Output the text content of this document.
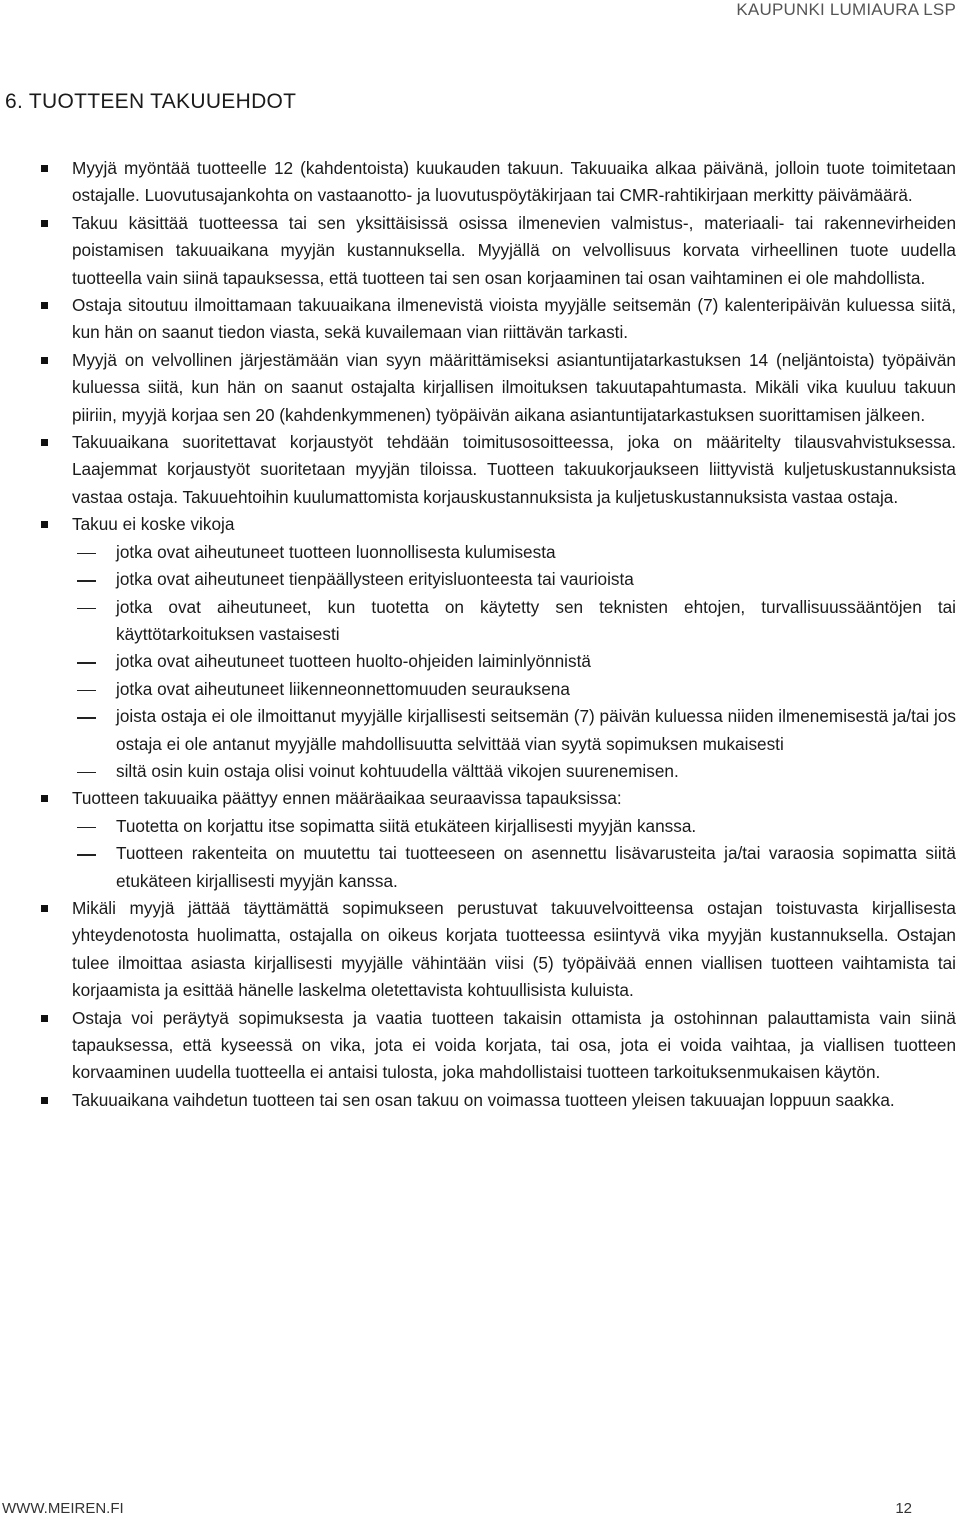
KAUPUNKI LUMIAURA LSP
6. TUOTTEEN TAKUUEHDOT
Myyjä myöntää tuotteelle 12 (kahdentoista) kuukauden takuun. Takuuaika alkaa päivänä, jolloin tuote toimitetaan ostajalle. Luovutusajankohta on vastaanotto- ja luovutuspöytäkirjaan tai CMR-rahtikirjaan merkitty päivämäärä.
Takuu käsittää tuotteessa tai sen yksittäisissä osissa ilmenevien valmistus-, materiaali- tai rakennevirheiden poistamisen takuuaikana myyjän kustannuksella. Myyjällä on velvollisuus korvata virheellinen tuote uudella tuotteella vain siinä tapauksessa, että tuotteen tai sen osan korjaaminen tai osan vaihtaminen ei ole mahdollista.
Ostaja sitoutuu ilmoittamaan takuuaikana ilmenevistä vioista myyjälle seitsemän (7) kalenteripäivän kuluessa siitä, kun hän on saanut tiedon viasta, sekä kuvailemaan vian riittävän tarkasti.
Myyjä on velvollinen järjestämään vian syyn määrittämiseksi asiantuntijatarkastuksen 14 (neljäntoista) työpäivän kuluessa siitä, kun hän on saanut ostajalta kirjallisen ilmoituksen takuutapahtumasta. Mikäli vika kuuluu takuun piiriin, myyjä korjaa sen 20 (kahdenkymmenen) työpäivän aikana asiantuntijatarkastuksen suorittamisen jälkeen.
Takuuaikana suoritettavat korjaustyöt tehdään toimitusosoitteessa, joka on määritelty tilausvahvistuksessa. Laajemmat korjaustyöt suoritetaan myyjän tiloissa. Tuotteen takuukorjaukseen liittyvistä kuljetuskustannuksista vastaa ostaja. Takuuehtoihin kuulumattomista korjauskustannuksista ja kuljetuskustannuksista vastaa ostaja.
Takuu ei koske vikoja
jotka ovat aiheutuneet tuotteen luonnollisesta kulumisesta
jotka ovat aiheutuneet tienpäällysteen erityisluonteesta tai vaurioista
jotka ovat aiheutuneet, kun tuotetta on käytetty sen teknisten ehtojen, turvallisuussääntöjen tai käyttötarkoituksen vastaisesti
jotka ovat aiheutuneet tuotteen huolto-ohjeiden laiminlyönnistä
jotka ovat aiheutuneet liikenneonnettomuuden seurauksena
joista ostaja ei ole ilmoittanut myyjälle kirjallisesti seitsemän (7) päivän kuluessa niiden ilmenemisestä ja/tai jos ostaja ei ole antanut myyjälle mahdollisuutta selvittää vian syytä sopimuksen mukaisesti
siltä osin kuin ostaja olisi voinut kohtuudella välttää vikojen suurenemisen.
Tuotteen takuuaika päättyy ennen määräaikaa seuraavissa tapauksissa:
Tuotetta on korjattu itse sopimatta siitä etukäteen kirjallisesti myyjän kanssa.
Tuotteen rakenteita on muutettu tai tuotteeseen on asennettu lisävarusteita ja/tai varaosia sopimatta siitä etukäteen kirjallisesti myyjän kanssa.
Mikäli myyjä jättää täyttämättä sopimukseen perustuvat takuuvelvoitteensa ostajan toistuvasta kirjallisesta yhteydenotosta huolimatta, ostajalla on oikeus korjata tuotteessa esiintyvä vika myyjän kustannuksella. Ostajan tulee ilmoittaa asiasta kirjallisesti myyjälle vähintään viisi (5) työpäivää ennen viallisen tuotteen vaihtamista tai korjaamista ja esittää hänelle laskelma oletettavista kohtuullisista kuluista.
Ostaja voi peräytyä sopimuksesta ja vaatia tuotteen takaisin ottamista ja ostohinnan palauttamista vain siinä tapauksessa, että kyseessä on vika, jota ei voida korjata, tai osa, jota ei voida vaihtaa, ja viallisen tuotteen korvaaminen uudella tuotteella ei antaisi tulosta, joka mahdollistaisi tuotteen tarkoituksenmukaisen käytön.
Takuuaikana vaihdetun tuotteen tai sen osan takuu on voimassa tuotteen yleisen takuuajan loppuun saakka.
WWW.MEIREN.FI	12
